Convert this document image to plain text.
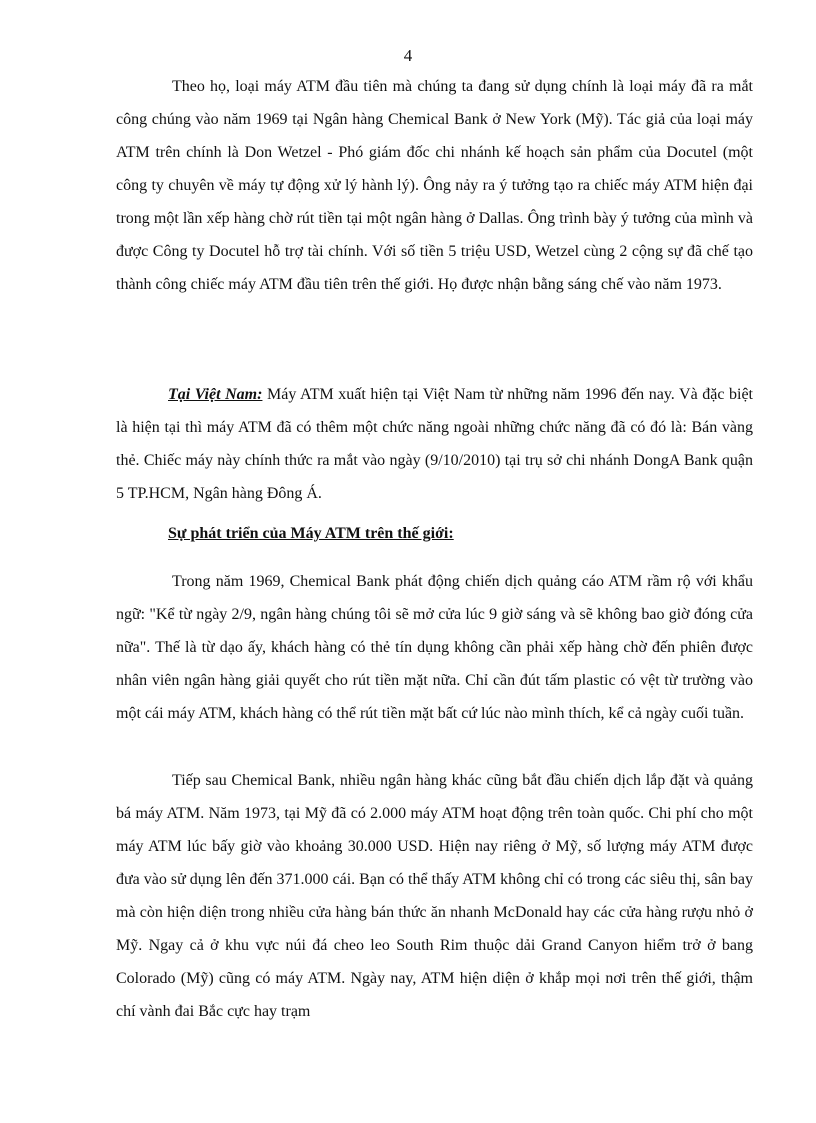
4

Theo họ, loại máy ATM đầu tiên mà chúng ta đang sử dụng chính là loại máy đã ra mắt công chúng vào năm 1969 tại Ngân hàng Chemical Bank ở New York (Mỹ). Tác giả của loại máy ATM trên chính là Don Wetzel - Phó giám đốc chi nhánh kế hoạch sản phẩm của Docutel (một công ty chuyên về máy tự động xử lý hành lý). Ông nảy ra ý tưởng tạo ra chiếc máy ATM hiện đại trong một lần xếp hàng chờ rút tiền tại một ngân hàng ở Dallas. Ông trình bày ý tưởng của mình và được Công ty Docutel hỗ trợ tài chính. Với số tiền 5 triệu USD, Wetzel cùng 2 cộng sự đã chế tạo thành công chiếc máy ATM đầu tiên trên thế giới. Họ được nhận bằng sáng chế vào năm 1973.

Tại Việt Nam: Máy ATM xuất hiện tại Việt Nam từ những năm 1996 đến nay. Và đặc biệt là hiện tại thì máy ATM đã có thêm một chức năng ngoài những chức năng đã có đó là: Bán vàng thẻ. Chiếc máy này chính thức ra mắt vào ngày (9/10/2010) tại trụ sở chi nhánh DongA Bank quận 5 TP.HCM, Ngân hàng Đông Á.

Sự phát triển của Máy ATM trên thế giới:

Trong năm 1969, Chemical Bank phát động chiến dịch quảng cáo ATM rầm rộ với khẩu ngữ: "Kể từ ngày 2/9, ngân hàng chúng tôi sẽ mở cửa lúc 9 giờ sáng và sẽ không bao giờ đóng cửa nữa". Thế là từ dạo ấy, khách hàng có thẻ tín dụng không cần phải xếp hàng chờ đến phiên được nhân viên ngân hàng giải quyết cho rút tiền mặt nữa. Chỉ cần đút tấm plastic có vệt từ trường vào một cái máy ATM, khách hàng có thể rút tiền mặt bất cứ lúc nào mình thích, kể cả ngày cuối tuần.

Tiếp sau Chemical Bank, nhiều ngân hàng khác cũng bắt đầu chiến dịch lắp đặt và quảng bá máy ATM. Năm 1973, tại Mỹ đã có 2.000 máy ATM hoạt động trên toàn quốc. Chi phí cho một máy ATM lúc bấy giờ vào khoảng 30.000 USD. Hiện nay riêng ở Mỹ, số lượng máy ATM được đưa vào sử dụng lên đến 371.000 cái. Bạn có thể thấy ATM không chỉ có trong các siêu thị, sân bay mà còn hiện diện trong nhiều cửa hàng bán thức ăn nhanh McDonald hay các cửa hàng rượu nhỏ ở Mỹ. Ngay cả ở khu vực núi đá cheo leo South Rim thuộc dải Grand Canyon hiểm trở ở bang Colorado (Mỹ) cũng có máy ATM. Ngày nay, ATM hiện diện ở khắp mọi nơi trên thế giới, thậm chí vành đai Bắc cực hay trạm
